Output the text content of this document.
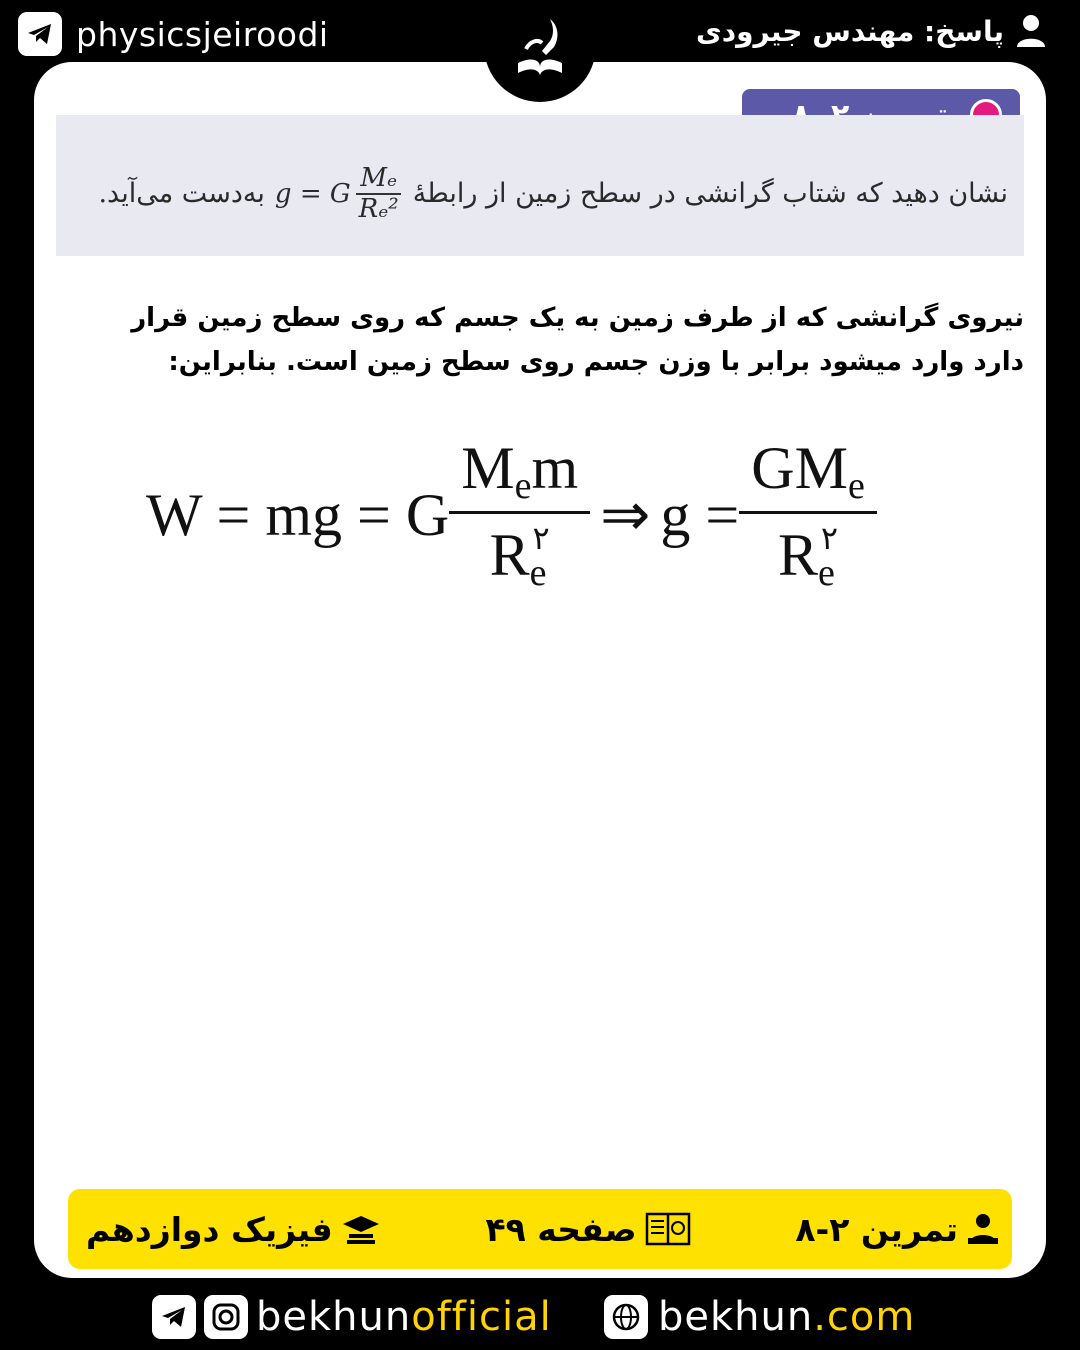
physicsjeiroodi	پاسخ: مهندس جیرودی
نشان دهید که شتاب گرانشی در سطح زمین از رابطهٔ
g = G $\frac{\text{Mₑ}}{\text{Rₑ²}}$
به‌دست می‌آید.
نیروی گرانشی که از طرف زمین به یک جسم که روی سطح زمین قرار دارد وارد میشود برابر با وزن جسم روی سطح زمین است. بنابراین:
W = mg = G $\frac{M_em}{R_e^۲}$ ⇒ $g = \frac{GM_e}{R_e^۲}$
تمرین ۲-۸
صفحه ۴۹
فیزیک دوازدهم
bekhunofficial	bekhun.com
